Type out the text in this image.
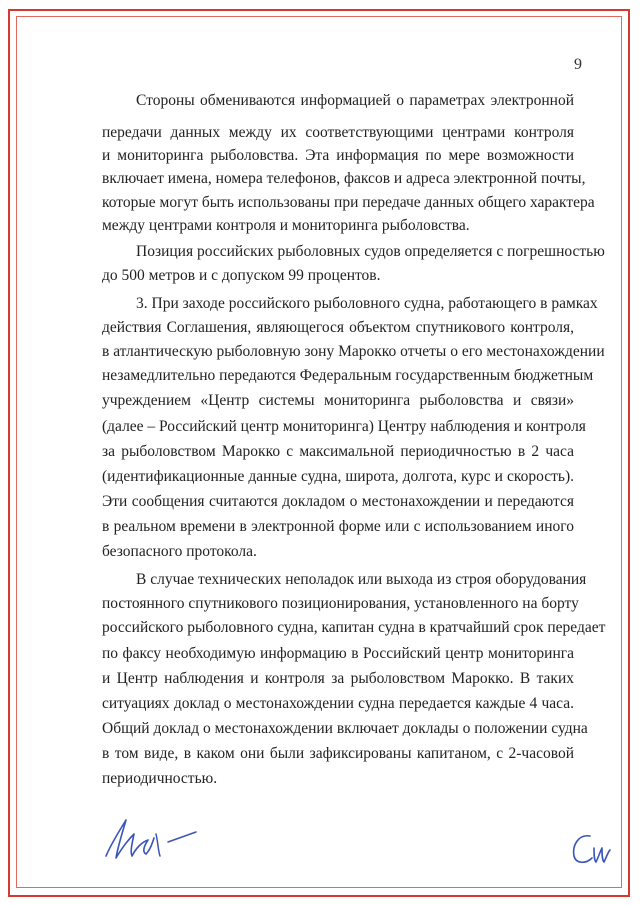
9
Стороны обмениваются информацией о параметрах электронной
передачи данных между их соответствующими центрами контроля
и мониторинга рыболовства. Эта информация по мере возможности
включает имена, номера телефонов, факсов и адреса электронной почты,
которые могут быть использованы при передаче данных общего характера
между центрами контроля и мониторинга рыболовства.
Позиция российских рыболовных судов определяется с погрешностью
до 500 метров и с допуском 99 процентов.
3. При заходе российского рыболовного судна, работающего в рамках
действия Соглашения, являющегося объектом спутникового контроля,
в атлантическую рыболовную зону Марокко отчеты о его местонахождении
незамедлительно передаются Федеральным государственным бюджетным
учреждением «Центр системы мониторинга рыболовства и связи»
(далее – Российский центр мониторинга) Центру наблюдения и контроля
за рыболовством Марокко с максимальной периодичностью в 2 часа
(идентификационные данные судна, широта, долгота, курс и скорость).
Эти сообщения считаются докладом о местонахождении и передаются
в реальном времени в электронной форме или с использованием иного
безопасного протокола.
В случае технических неполадок или выхода из строя оборудования
постоянного спутникового позиционирования, установленного на борту
российского рыболовного судна, капитан судна в кратчайший срок передает
по факсу необходимую информацию в Российский центр мониторинга
и Центр наблюдения и контроля за рыболовством Марокко. В таких
ситуациях доклад о местонахождении судна передается каждые 4 часа.
Общий доклад о местонахождении включает доклады о положении судна
в том виде, в каком они были зафиксированы капитаном, с 2-часовой
периодичностью.
